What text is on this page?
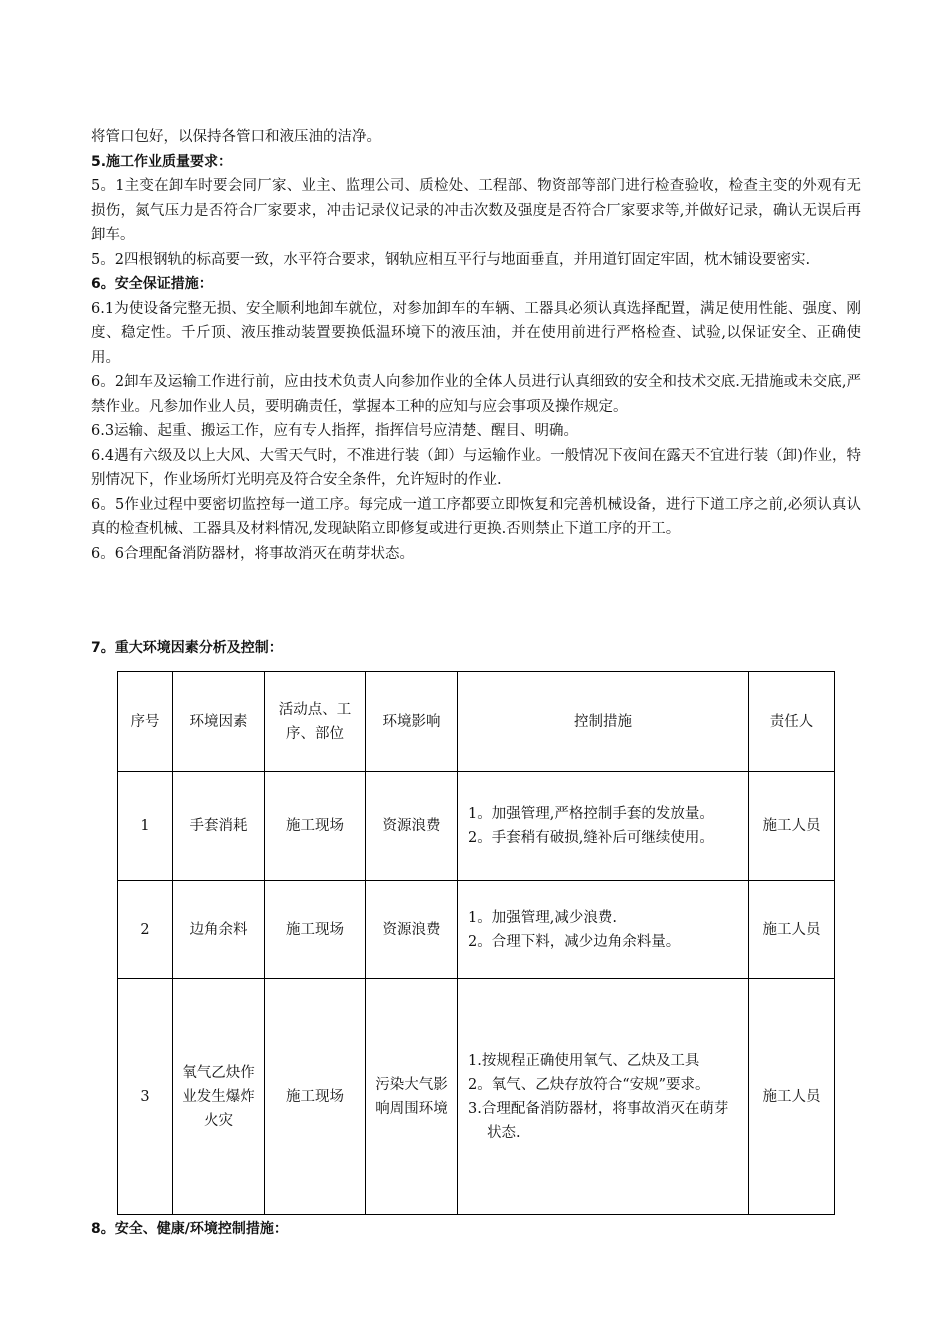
将管口包好，以保持各管口和液压油的洁净。

5.施工作业质量要求：

5。1主变在卸车时要会同厂家、业主、监理公司、质检处、工程部、物资部等部门进行检查验收，检查主变的外观有无损伤，氮气压力是否符合厂家要求，冲击记录仪记录的冲击次数及强度是否符合厂家要求等,并做好记录，确认无误后再卸车。

5。2四根钢轨的标高要一致，水平符合要求，钢轨应相互平行与地面垂直，并用道钉固定牢固，枕木铺设要密实.

6。安全保证措施：

6.1为使设备完整无损、安全顺利地卸车就位，对参加卸车的车辆、工器具必须认真选择配置，满足使用性能、强度、刚度、稳定性。千斤顶、液压推动装置要换低温环境下的液压油，并在使用前进行严格检查、试验,以保证安全、正确使用。

6。2卸车及运输工作进行前，应由技术负责人向参加作业的全体人员进行认真细致的安全和技术交底.无措施或未交底,严禁作业。凡参加作业人员，要明确责任，掌握本工种的应知与应会事项及操作规定。

6.3运输、起重、搬运工作，应有专人指挥，指挥信号应清楚、醒目、明确。

6.4遇有六级及以上大风、大雪天气时，不准进行装（卸）与运输作业。一般情况下夜间在露天不宜进行装（卸)作业，特别情况下，作业场所灯光明亮及符合安全条件，允许短时的作业.

6。5作业过程中要密切监控每一道工序。每完成一道工序都要立即恢复和完善机械设备，进行下道工序之前,必须认真认真的检查机械、工器具及材料情况,发现缺陷立即修复或进行更换.否则禁止下道工序的开工。

6。6合理配备消防器材，将事故消灭在萌芽状态。

7。重大环境因素分析及控制：

8。安全、健康/环境控制措施：

序号	环境因素	活动点、工序、部位	环境影响	控制措施	责任人
1	手套消耗	施工现场	资源浪费	1。加强管理,严格控制手套的发放量。
2。手套稍有破损,缝补后可继续使用。	施工人员
2	边角余料	施工现场	资源浪费	1。加强管理,减少浪费.
2。合理下料，减少边角余料量。	施工人员
3	氧气乙炔作业发生爆炸火灾	施工现场	污染大气影响周围环境	1.按规程正确使用氧气、乙炔及工具
2。氧气、乙炔存放符合“安规”要求。
3.合理配备消防器材，将事故消灭在萌芽状态.	施工人员
